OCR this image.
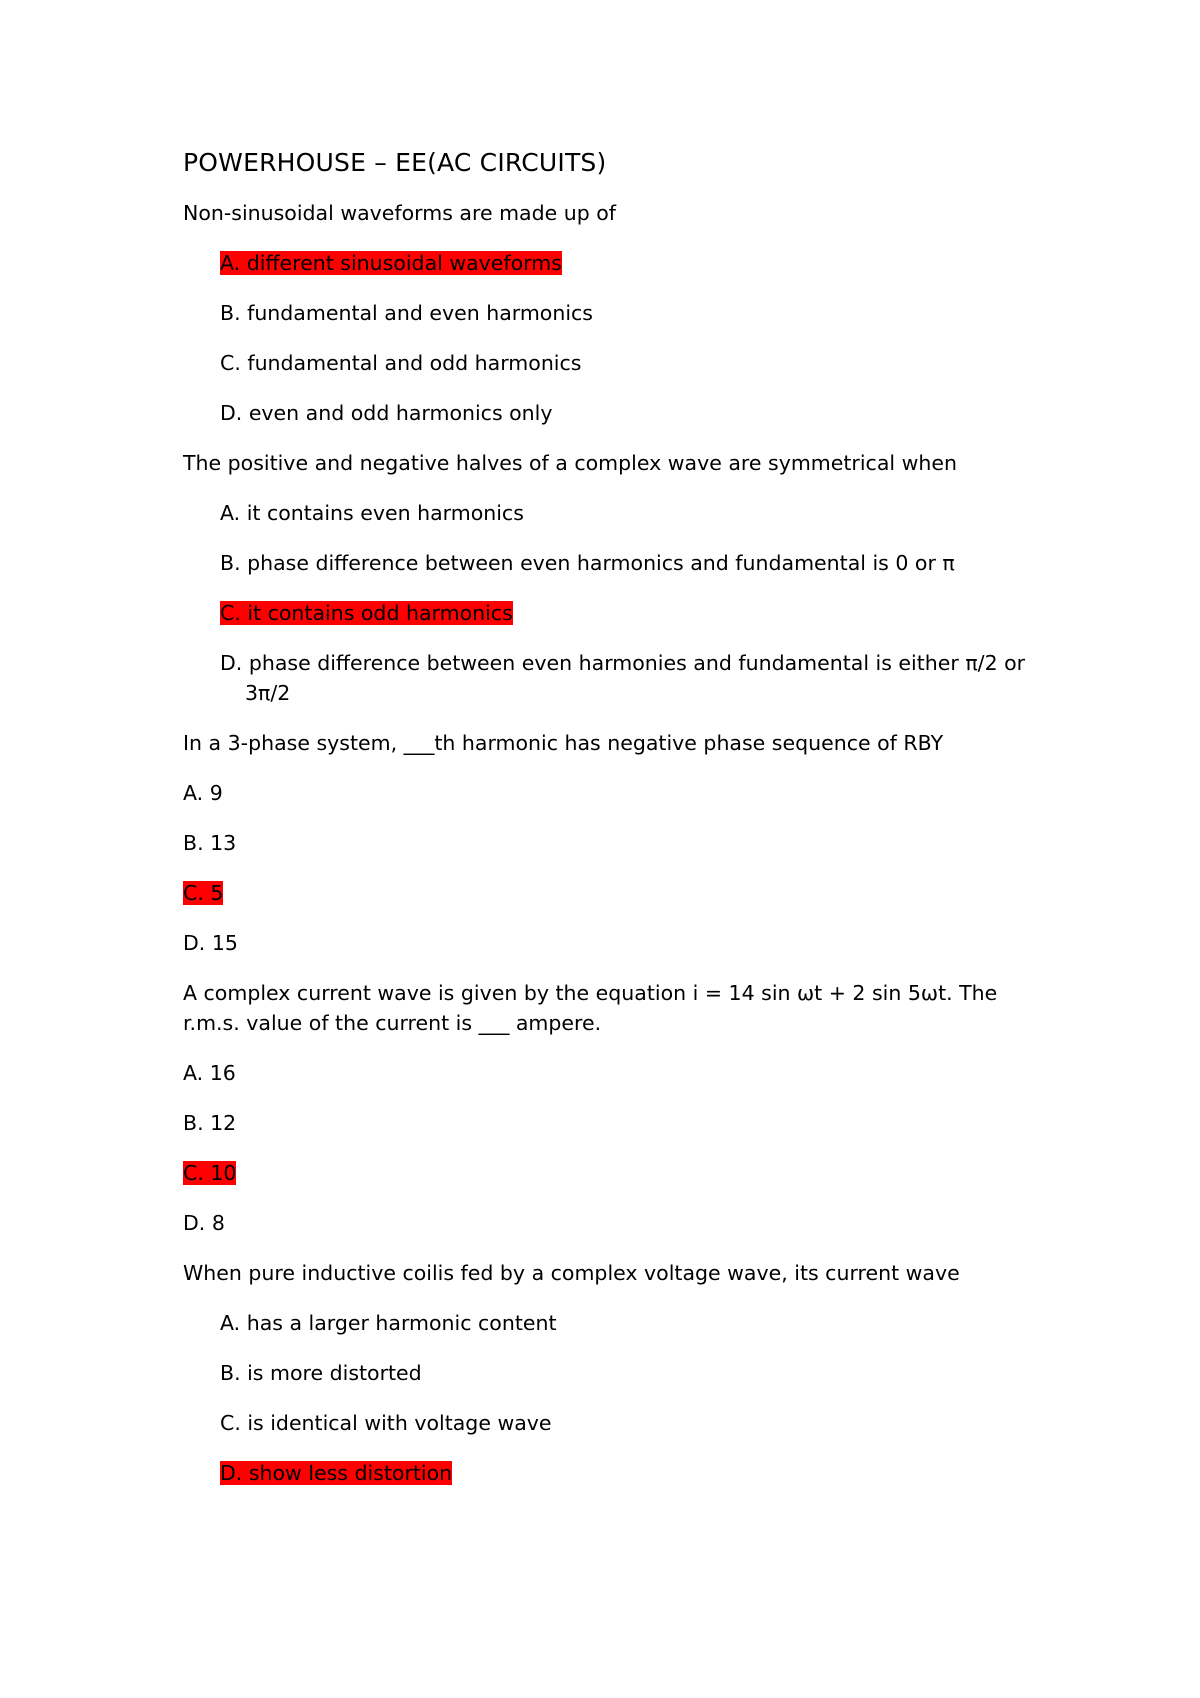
POWERHOUSE – EE(AC CIRCUITS)
Non-sinusoidal waveforms are made up of
A. different sinusoidal waveforms
B. fundamental and even harmonics
C. fundamental and odd harmonics
D. even and odd harmonics only
The positive and negative halves of a complex wave are symmetrical when
A. it contains even harmonics
B. phase difference between even harmonics and fundamental is 0 or π
C. it contains odd harmonics
D. phase difference between even harmonies and fundamental is either π/2 or 3π/2
In a 3-phase system, ___th harmonic has negative phase sequence of RBY
A. 9
B. 13
C. 5
D. 15
A complex current wave is given by the equation i = 14 sin ωt + 2 sin 5ωt. The r.m.s. value of the current is ___ ampere.
A. 16
B. 12
C. 10
D. 8
When pure inductive coilis fed by a complex voltage wave, its current wave
A. has a larger harmonic content
B. is more distorted
C. is identical with voltage wave
D. show less distortion
